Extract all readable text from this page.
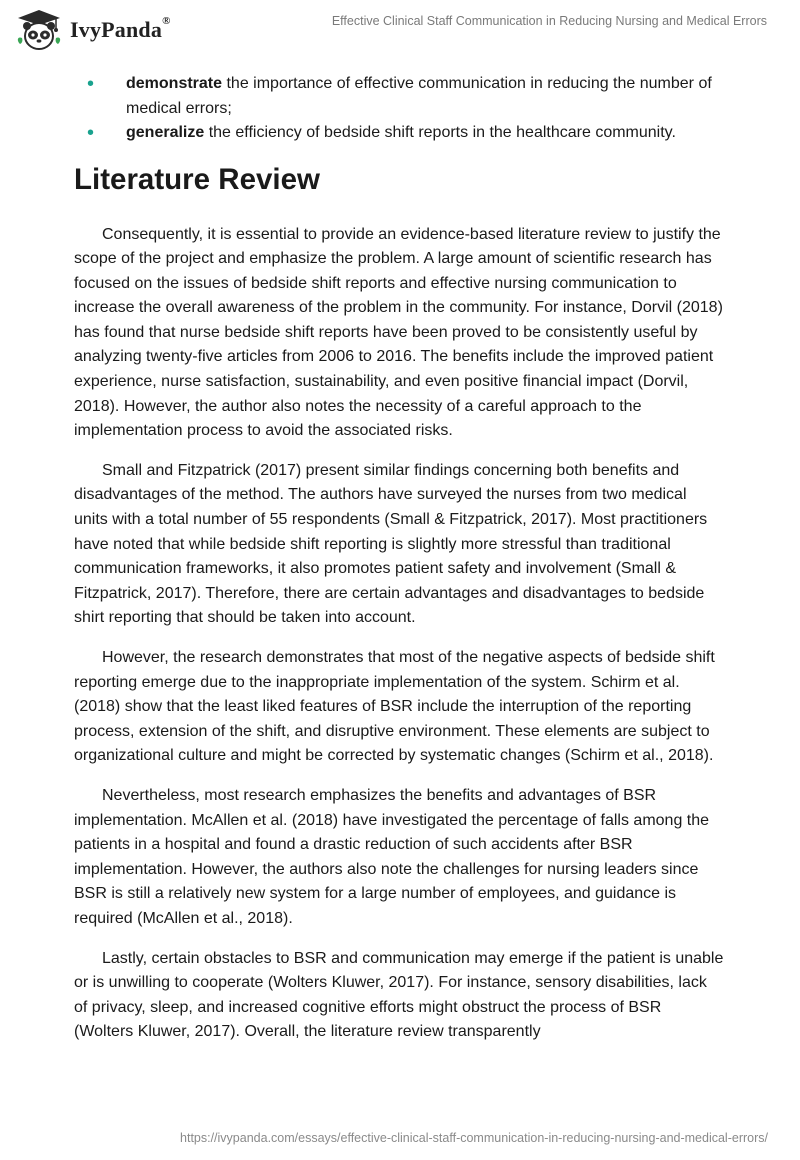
IvyPanda®	Effective Clinical Staff Communication in Reducing Nursing and Medical Errors
• demonstrate the importance of effective communication in reducing the number of medical errors;
• generalize the efficiency of bedside shift reports in the healthcare community.
Literature Review

Consequently, it is essential to provide an evidence-based literature review to justify the scope of the project and emphasize the problem. A large amount of scientific research has focused on the issues of bedside shift reports and effective nursing communication to increase the overall awareness of the problem in the community. For instance, Dorvil (2018) has found that nurse bedside shift reports have been proved to be consistently useful by analyzing twenty-five articles from 2006 to 2016. The benefits include the improved patient experience, nurse satisfaction, sustainability, and even positive financial impact (Dorvil, 2018). However, the author also notes the necessity of a careful approach to the implementation process to avoid the associated risks.

Small and Fitzpatrick (2017) present similar findings concerning both benefits and disadvantages of the method. The authors have surveyed the nurses from two medical units with a total number of 55 respondents (Small & Fitzpatrick, 2017). Most practitioners have noted that while bedside shift reporting is slightly more stressful than traditional communication frameworks, it also promotes patient safety and involvement (Small & Fitzpatrick, 2017). Therefore, there are certain advantages and disadvantages to bedside shirt reporting that should be taken into account.

However, the research demonstrates that most of the negative aspects of bedside shift reporting emerge due to the inappropriate implementation of the system. Schirm et al. (2018) show that the least liked features of BSR include the interruption of the reporting process, extension of the shift, and disruptive environment. These elements are subject to organizational culture and might be corrected by systematic changes (Schirm et al., 2018).

Nevertheless, most research emphasizes the benefits and advantages of BSR implementation. McAllen et al. (2018) have investigated the percentage of falls among the patients in a hospital and found a drastic reduction of such accidents after BSR implementation. However, the authors also note the challenges for nursing leaders since BSR is still a relatively new system for a large number of employees, and guidance is required (McAllen et al., 2018).

Lastly, certain obstacles to BSR and communication may emerge if the patient is unable or is unwilling to cooperate (Wolters Kluwer, 2017). For instance, sensory disabilities, lack of privacy, sleep, and increased cognitive efforts might obstruct the process of BSR (Wolters Kluwer, 2017). Overall, the literature review transparently

https://ivypanda.com/essays/effective-clinical-staff-communication-in-reducing-nursing-and-medical-errors/
